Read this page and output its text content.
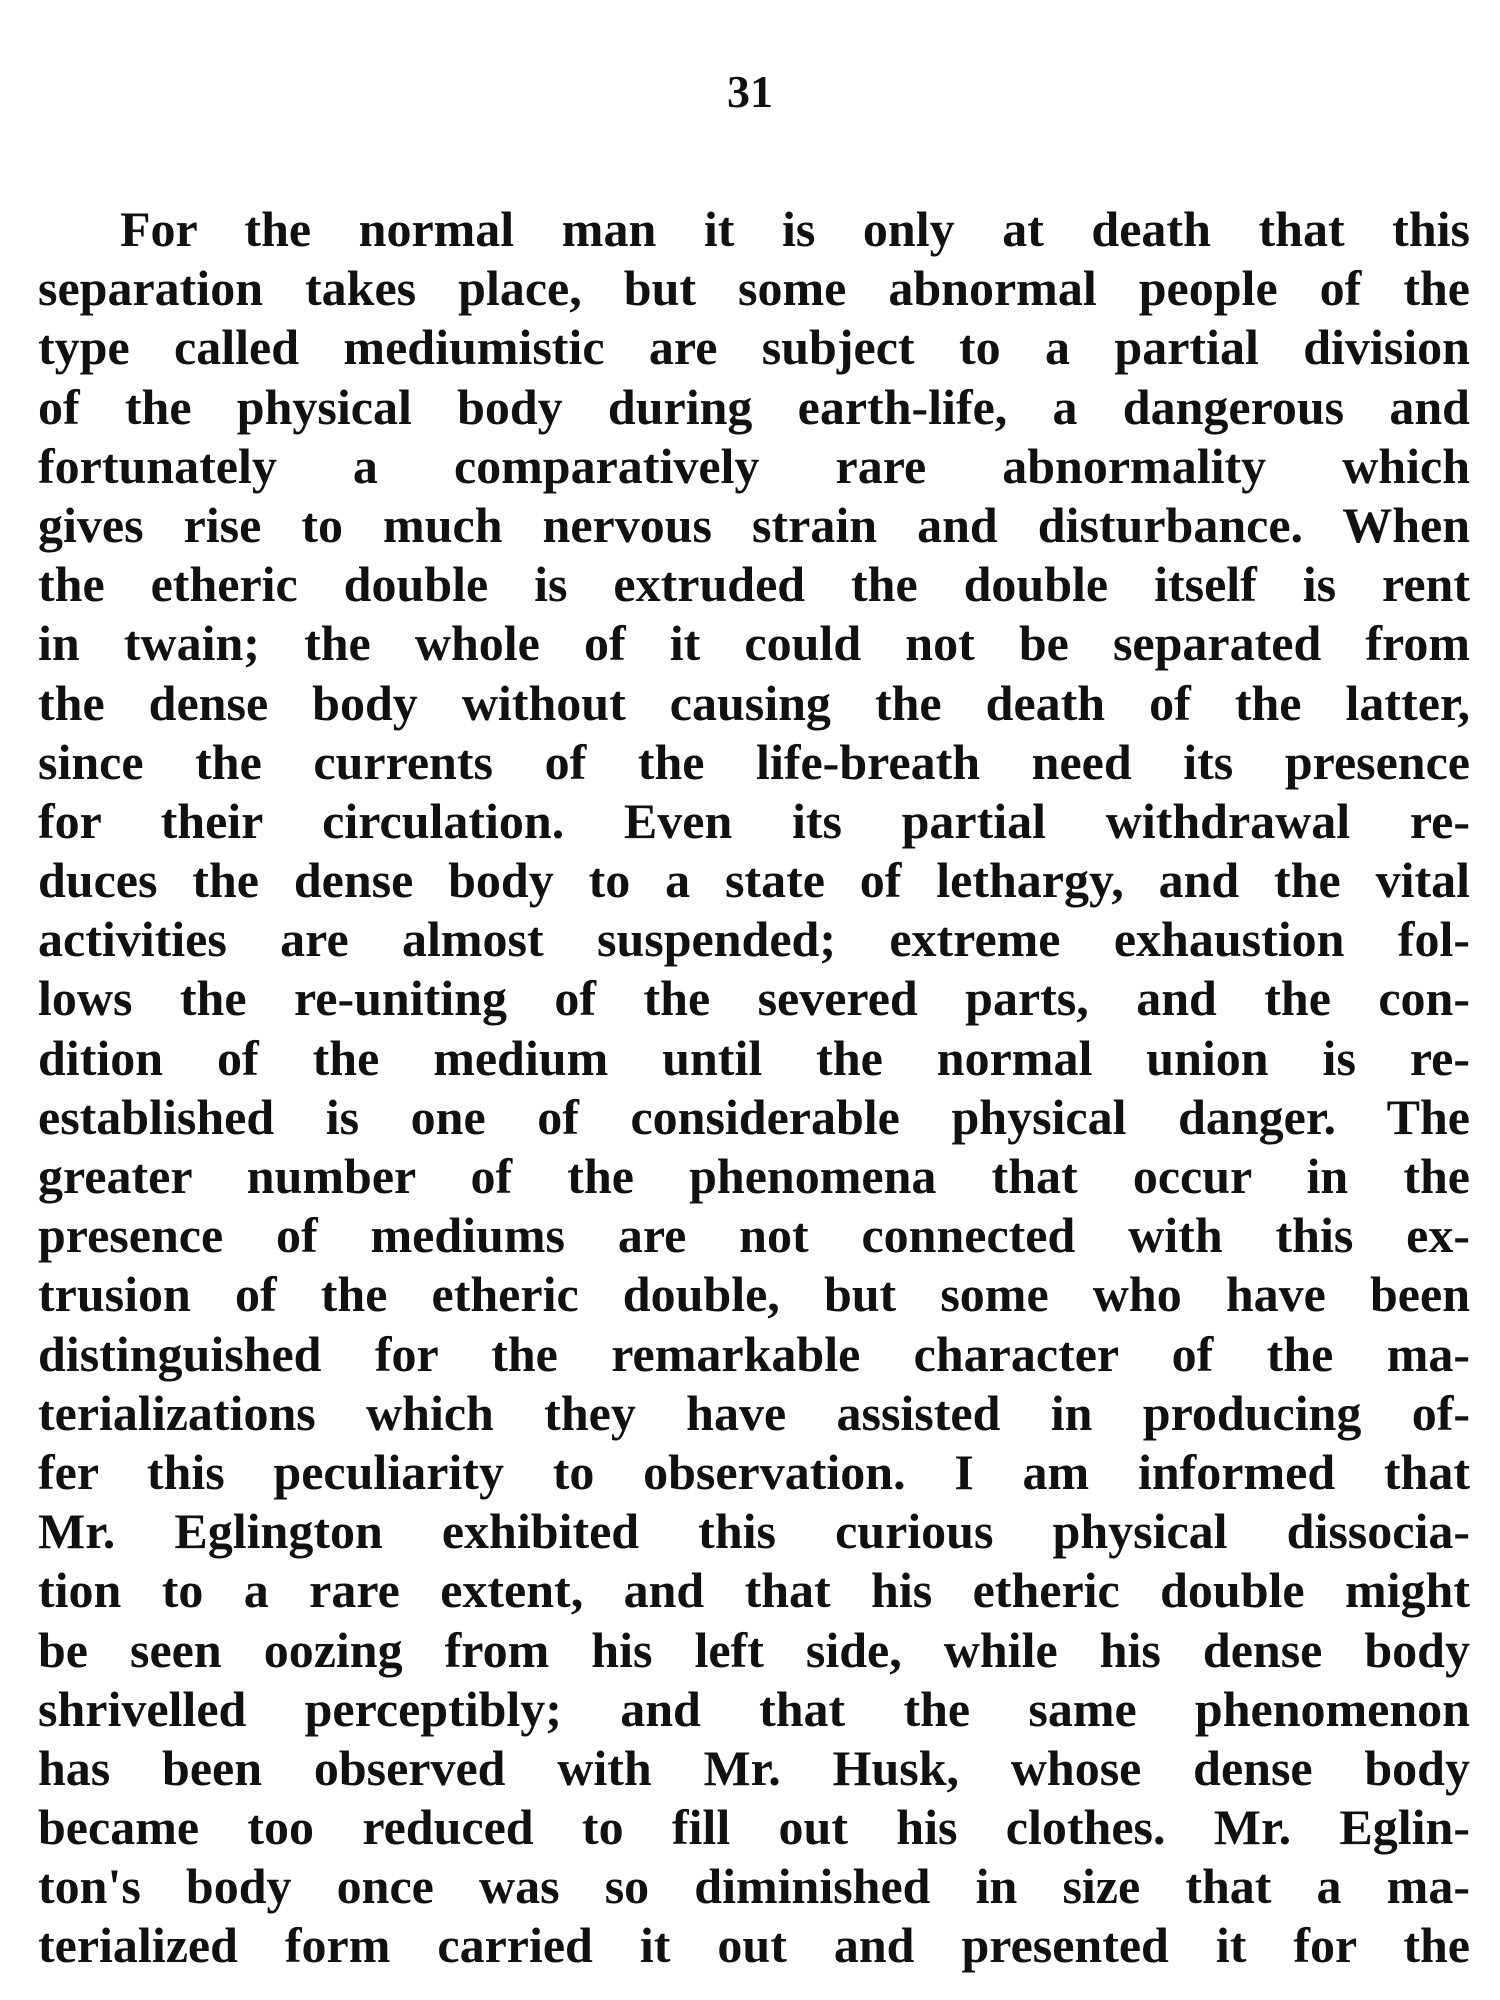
31
For the normal man it is only at death that this
separation takes place, but some abnormal people of the
type called mediumistic are subject to a partial division
of the physical body during earth-life, a dangerous and
fortunately a comparatively rare abnormality which
gives rise to much nervous strain and disturbance. When
the etheric double is extruded the double itself is rent
in twain; the whole of it could not be separated from
the dense body without causing the death of the latter,
since the currents of the life-breath need its presence
for their circulation. Even its partial withdrawal re-
duces the dense body to a state of lethargy, and the vital
activities are almost suspended; extreme exhaustion fol-
lows the re-uniting of the severed parts, and the con-
dition of the medium until the normal union is re-
established is one of considerable physical danger. The
greater number of the phenomena that occur in the
presence of mediums are not connected with this ex-
trusion of the etheric double, but some who have been
distinguished for the remarkable character of the ma-
terializations which they have assisted in producing of-
fer this peculiarity to observation. I am informed that
Mr. Eglington exhibited this curious physical dissocia-
tion to a rare extent, and that his etheric double might
be seen oozing from his left side, while his dense body
shrivelled perceptibly; and that the same phenomenon
has been observed with Mr. Husk, whose dense body
became too reduced to fill out his clothes. Mr. Eglin-
ton's body once was so diminished in size that a ma-
terialized form carried it out and presented it for the
